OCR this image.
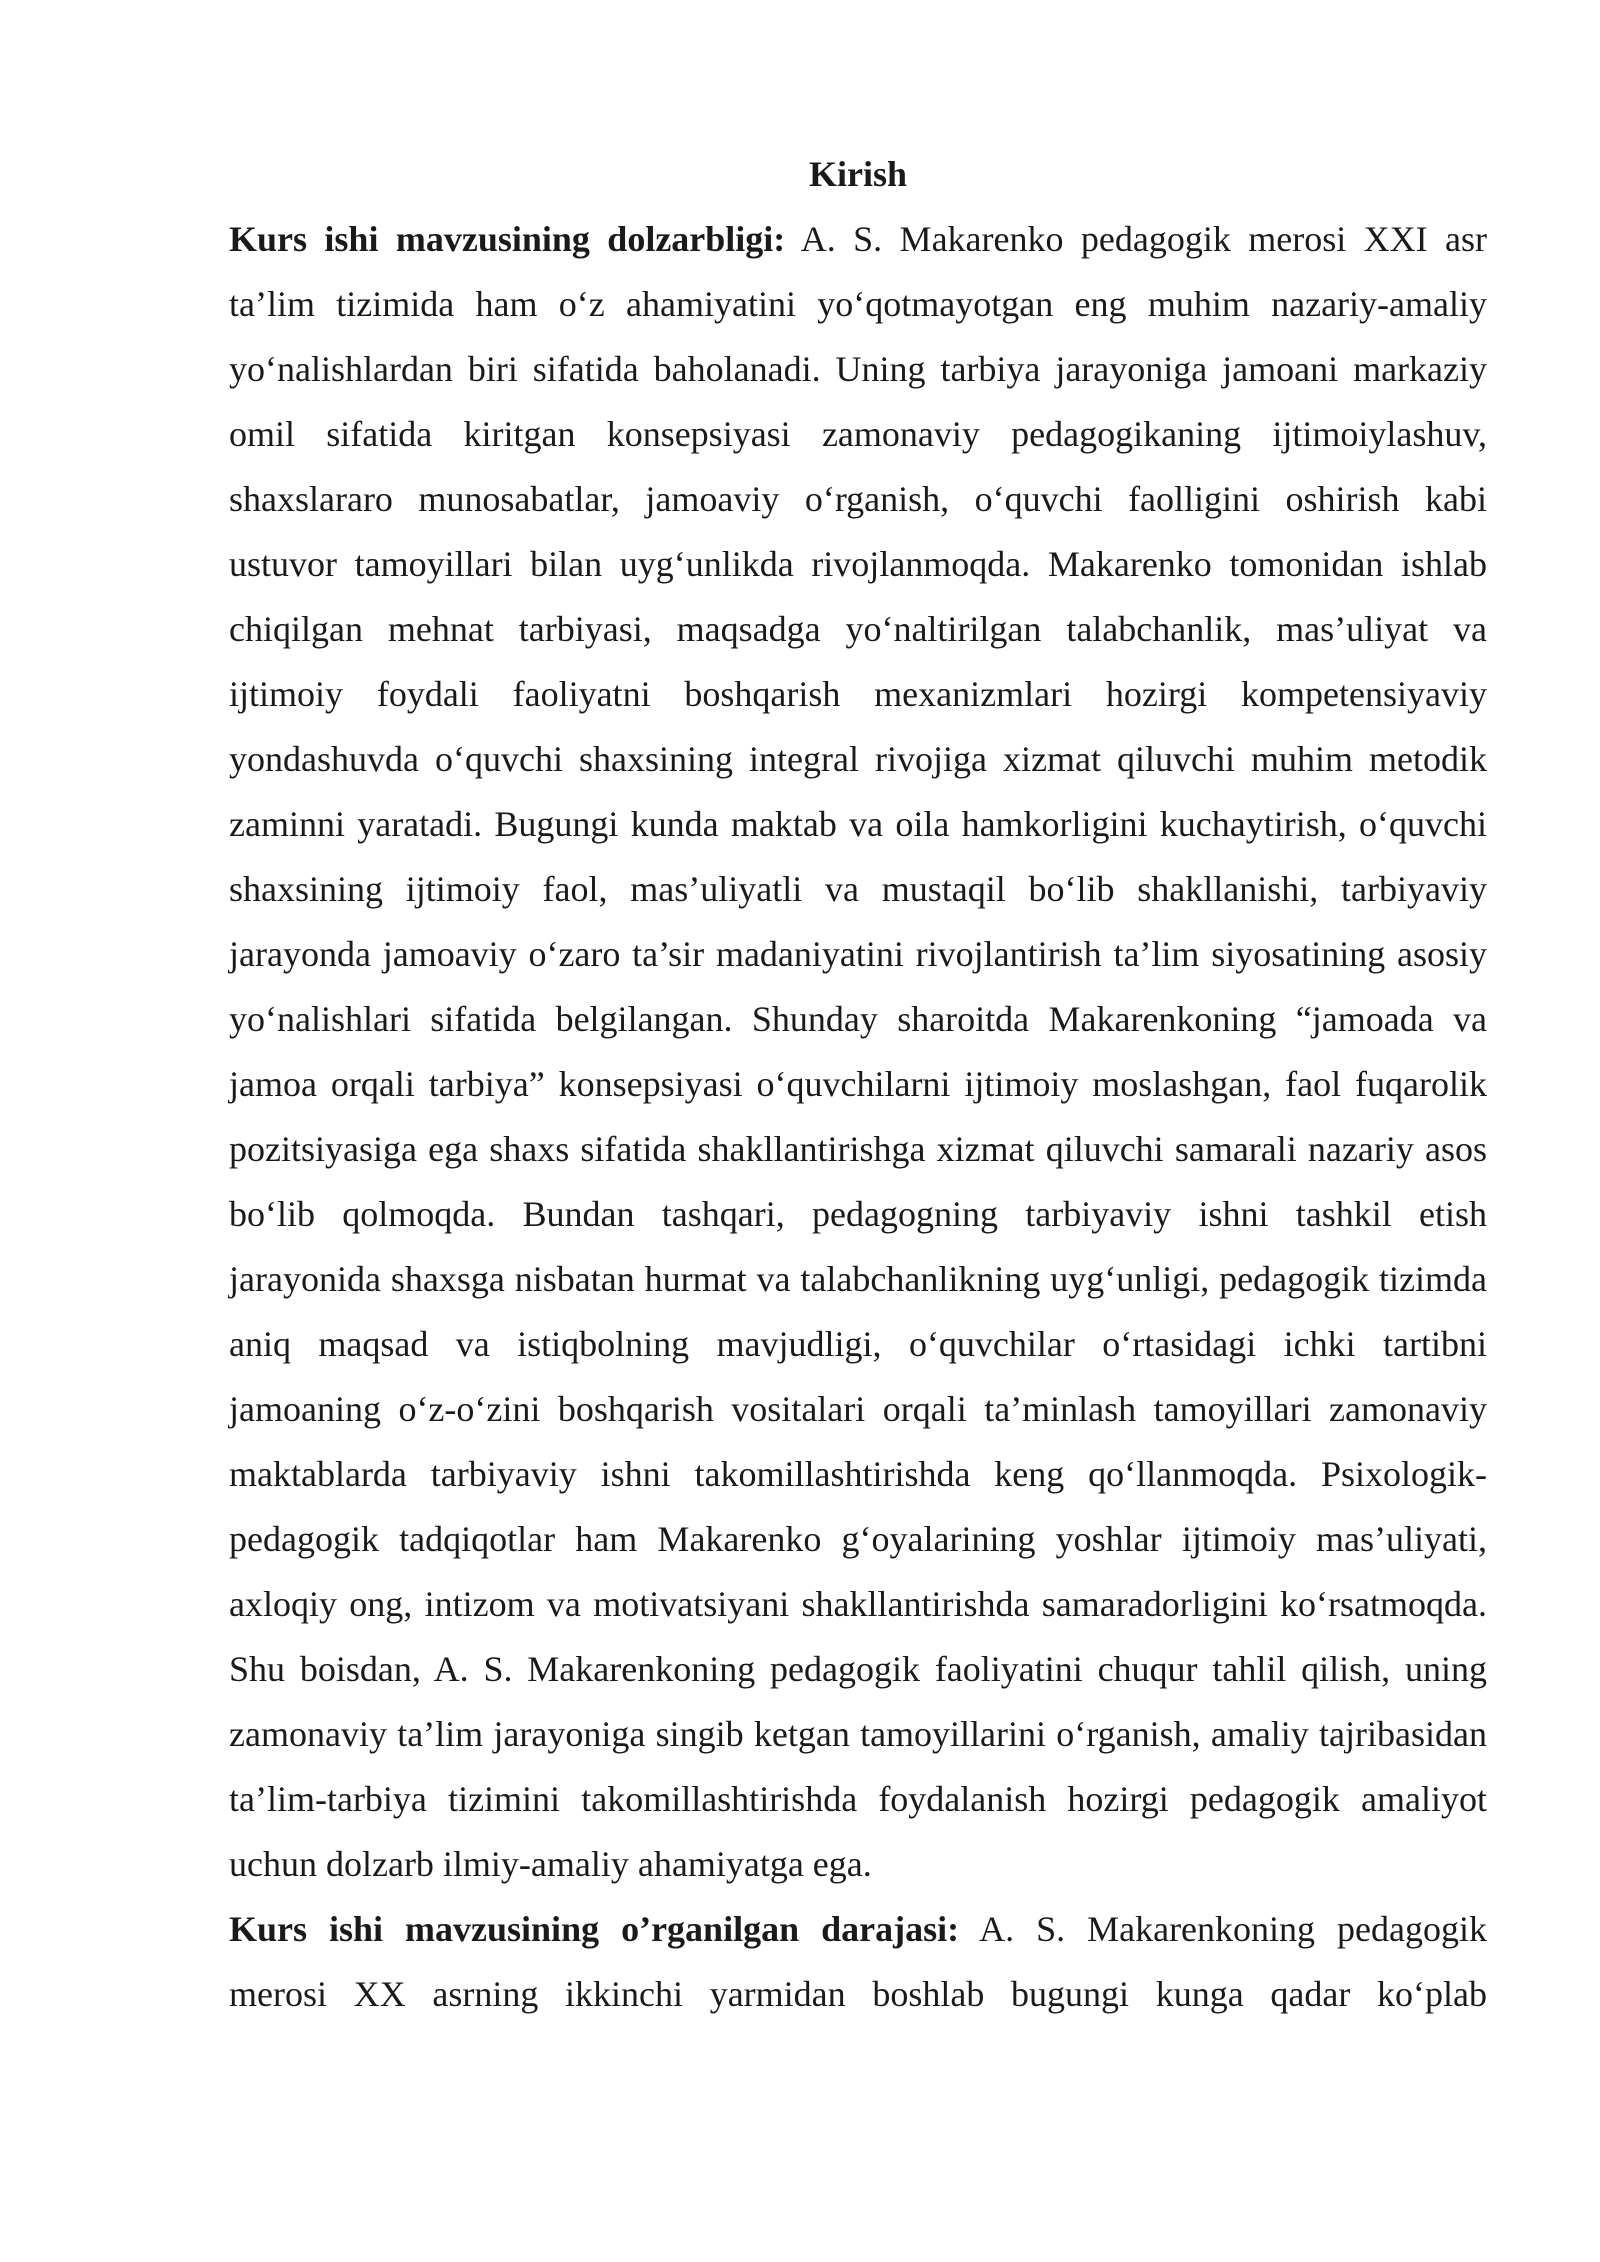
Kirish

Kurs ishi mavzusining dolzarbligi: A. S. Makarenko pedagogik merosi XXI asr ta’lim tizimida ham o‘z ahamiyatini yo‘qotmayotgan eng muhim nazariy-amaliy yo‘nalishlardan biri sifatida baholanadi. Uning tarbiya jarayoniga jamoani markaziy omil sifatida kiritgan konsepsiyasi zamonaviy pedagogikaning ijtimoiylashuv, shaxslararo munosabatlar, jamoaviy o‘rganish, o‘quvchi faolligini oshirish kabi ustuvor tamoyillari bilan uyg‘unlikda rivojlanmoqda. Makarenko tomonidan ishlab chiqilgan mehnat tarbiyasi, maqsadga yo‘naltirilgan talabchanlik, mas’uliyat va ijtimoiy foydali faoliyatni boshqarish mexanizmlari hozirgi kompetensiyaviy yondashuvda o‘quvchi shaxsining integral rivojiga xizmat qiluvchi muhim metodik zaminni yaratadi. Bugungi kunda maktab va oila hamkorligini kuchaytirish, o‘quvchi shaxsining ijtimoiy faol, mas’uliyatli va mustaqil bo‘lib shakllanishi, tarbiyaviy jarayonda jamoaviy o‘zaro ta’sir madaniyatini rivojlantirish ta’lim siyosatining asosiy yo‘nalishlari sifatida belgilangan. Shunday sharoitda Makarenkoning “jamoada va jamoa orqali tarbiya” konsepsiyasi o‘quvchilarni ijtimoiy moslashgan, faol fuqarolik pozitsiyasiga ega shaxs sifatida shakllantirishga xizmat qiluvchi samarali nazariy asos bo‘lib qolmoqda. Bundan tashqari, pedagogning tarbiyaviy ishni tashkil etish jarayonida shaxsga nisbatan hurmat va talabchanlikning uyg‘unligi, pedagogik tizimda aniq maqsad va istiqbolning mavjudligi, o‘quvchilar o‘rtasidagi ichki tartibni jamoaning o‘z-o‘zini boshqarish vositalari orqali ta’minlash tamoyillari zamonaviy maktablarda tarbiyaviy ishni takomillashtirishda keng qo‘llanmoqda. Psixologik-pedagogik tadqiqotlar ham Makarenko g‘oyalarining yoshlar ijtimoiy mas’uliyati, axloqiy ong, intizom va motivatsiyani shakllantirishda samaradorligini ko‘rsatmoqda. Shu boisdan, A. S. Makarenkoning pedagogik faoliyatini chuqur tahlil qilish, uning zamonaviy ta’lim jarayoniga singib ketgan tamoyillarini o‘rganish, amaliy tajribasidan ta’lim-tarbiya tizimini takomillashtirishda foydalanish hozirgi pedagogik amaliyot uchun dolzarb ilmiy-amaliy ahamiyatga ega.

Kurs ishi mavzusining o’rganilgan darajasi: A. S. Makarenkoning pedagogik merosi XX asrning ikkinchi yarmidan boshlab bugungi kunga qadar ko‘plab
